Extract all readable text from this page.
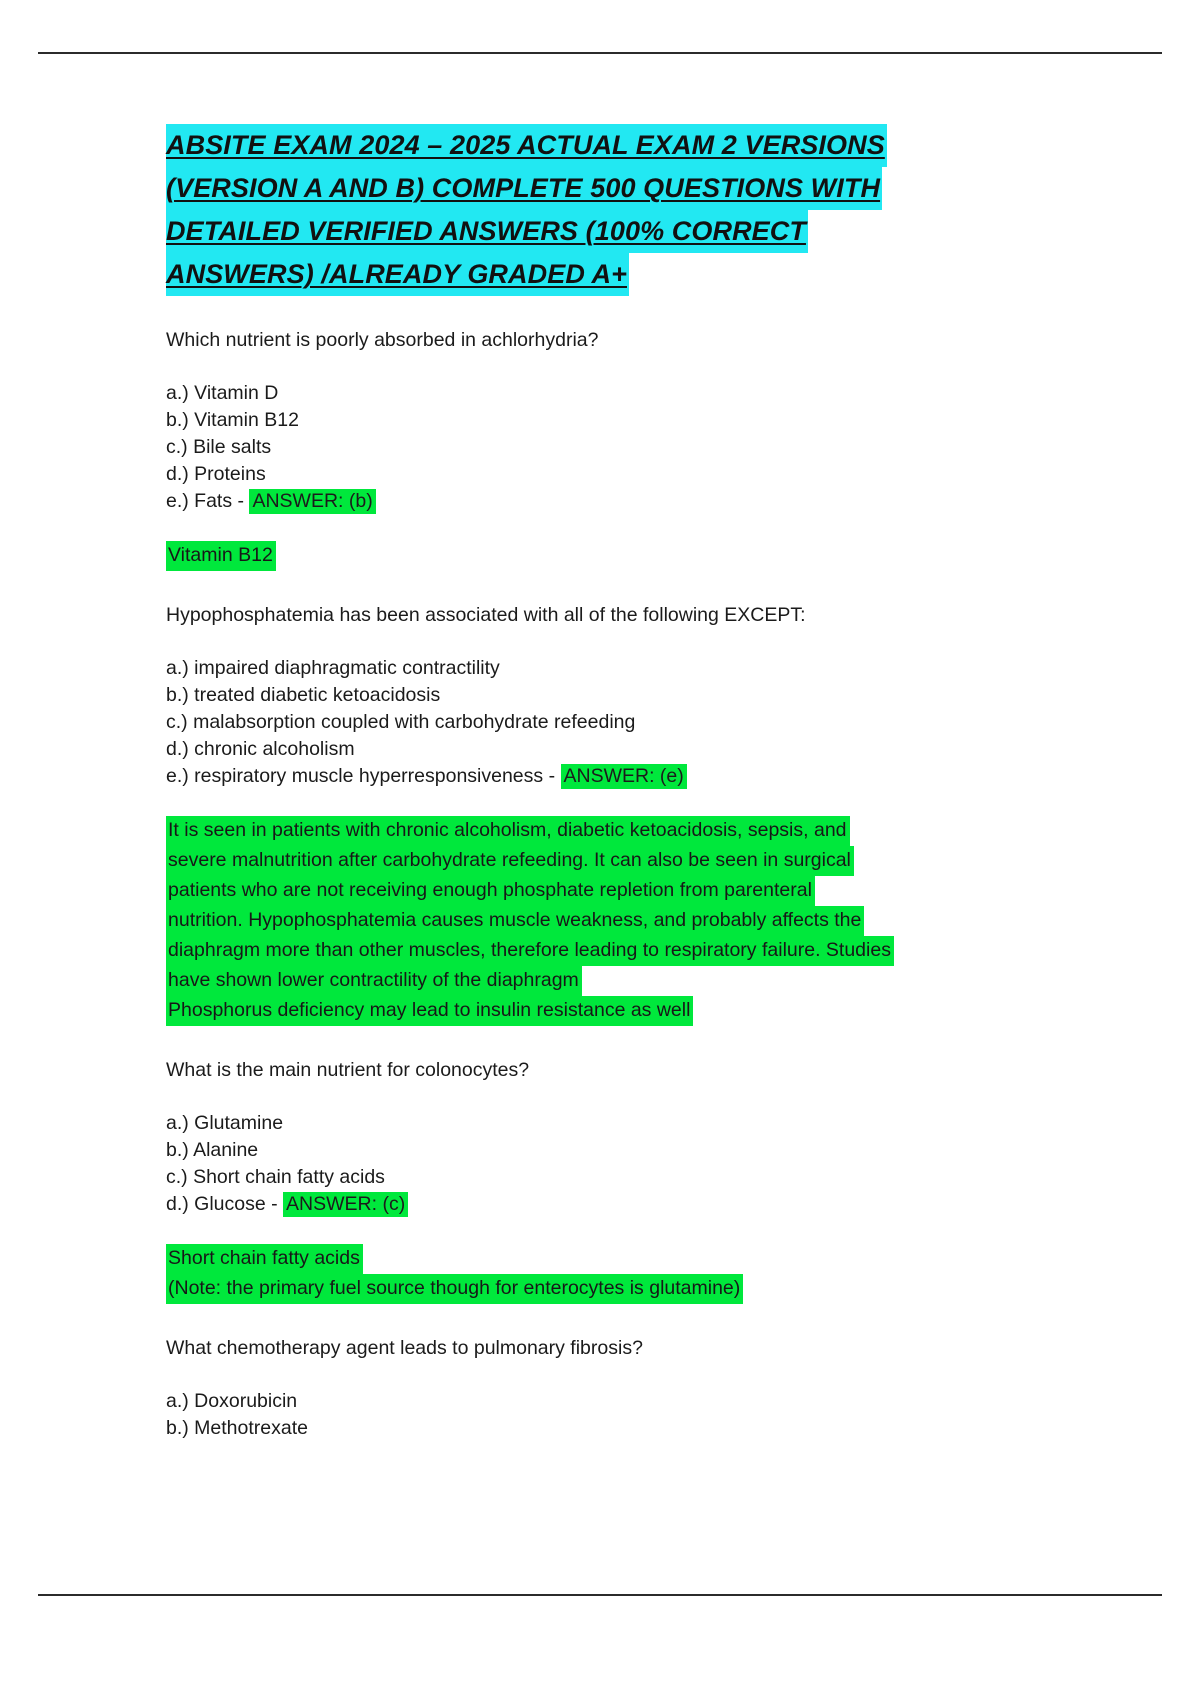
ABSITE EXAM 2024 – 2025 ACTUAL EXAM 2 VERSIONS
(VERSION A AND B) COMPLETE 500 QUESTIONS WITH
DETAILED VERIFIED ANSWERS (100% CORRECT
ANSWERS) /ALREADY GRADED A+

Which nutrient is poorly absorbed in achlorhydria?

a.) Vitamin D
b.) Vitamin B12
c.) Bile salts
d.) Proteins
e.) Fats - ANSWER: (b)
Vitamin B12

Hypophosphatemia has been associated with all of the following EXCEPT:

a.) impaired diaphragmatic contractility
b.) treated diabetic ketoacidosis
c.) malabsorption coupled with carbohydrate refeeding
d.) chronic alcoholism
e.) respiratory muscle hyperresponsiveness - ANSWER: (e)
It is seen in patients with chronic alcoholism, diabetic ketoacidosis, sepsis, and
severe malnutrition after carbohydrate refeeding. It can also be seen in surgical
patients who are not receiving enough phosphate repletion from parenteral
nutrition. Hypophosphatemia causes muscle weakness, and probably affects the
diaphragm more than other muscles, therefore leading to respiratory failure. Studies
have shown lower contractility of the diaphragm
Phosphorus deficiency may lead to insulin resistance as well

What is the main nutrient for colonocytes?

a.) Glutamine
b.) Alanine
c.) Short chain fatty acids
d.) Glucose - ANSWER: (c)
Short chain fatty acids
(Note: the primary fuel source though for enterocytes is glutamine)

What chemotherapy agent leads to pulmonary fibrosis?

a.) Doxorubicin
b.) Methotrexate
